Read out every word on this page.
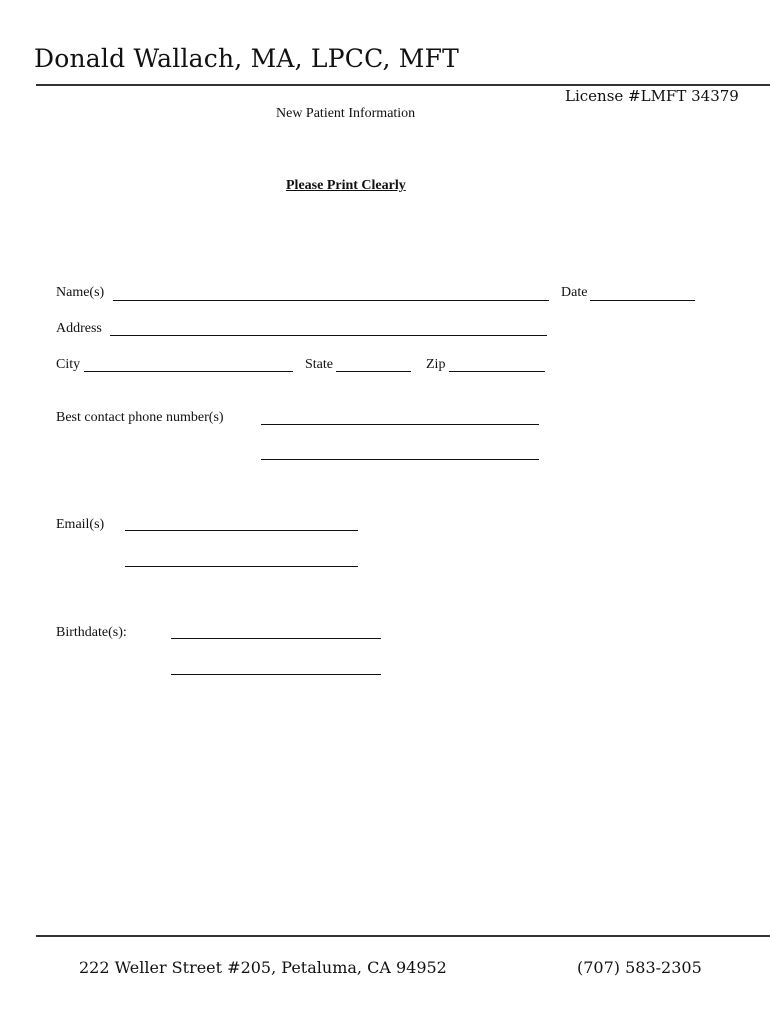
Donald Wallach, MA, LPCC, MFT
License #LMFT 34379
New Patient Information
Please Print Clearly
Name(s)	Date
Address
City	State	Zip
Best contact phone number(s)
Email(s)
Birthdate(s):
222 Weller Street #205, Petaluma, CA 94952	(707) 583-2305
